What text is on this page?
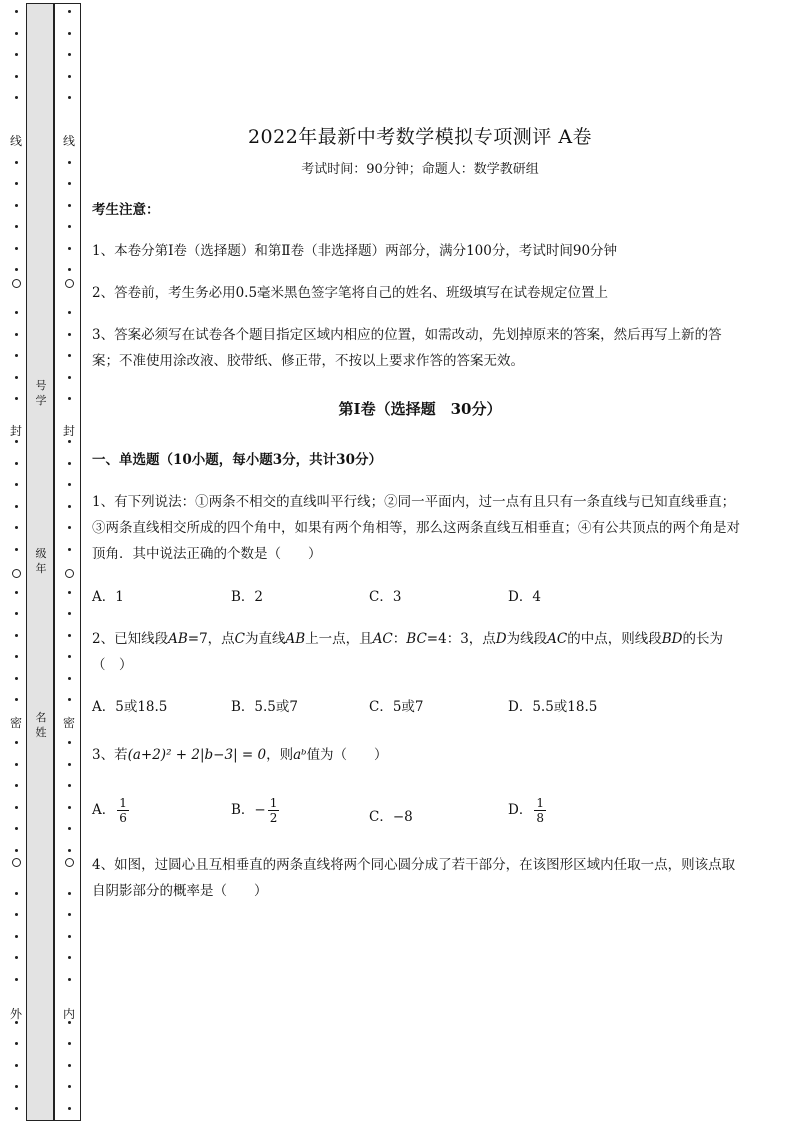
号学
级年
名姓
线
封
密
外
线
封
密
内
2022年最新中考数学模拟专项测评 A卷
考试时间：90分钟；命题人：数学教研组
考生注意：
1、本卷分第I卷（选择题）和第Ⅱ卷（非选择题）两部分，满分100分，考试时间90分钟
2、答卷前，考生务必用0.5毫米黑色签字笔将自己的姓名、班级填写在试卷规定位置上
3、答案必须写在试卷各个题目指定区域内相应的位置，如需改动，先划掉原来的答案，然后再写上新的答案；不准使用涂改液、胶带纸、修正带，不按以上要求作答的答案无效。
第I卷（选择题　30分）
一、单选题（10小题，每小题3分，共计30分）
1、有下列说法：①两条不相交的直线叫平行线；②同一平面内，过一点有且只有一条直线与已知直线垂直；③两条直线相交所成的四个角中，如果有两个角相等，那么这两条直线互相垂直；④有公共顶点的两个角是对顶角．其中说法正确的个数是（　　）
A．1	B．2	C．3	D．4
2、已知线段AB=7，点C为直线AB上一点，且AC：BC=4：3，点D为线段AC的中点，则线段BD的长为（　）
A．5或18.5	B．5.5或7	C．5或7	D．5.5或18.5
3、若(a+2)² + 2|b−3| = 0，则aᵇ值为（　　）
A． $\frac{1}{6}$	B．− $\frac{1}{2}$	C．−8	D． $\frac{1}{8}$
4、如图，过圆心且互相垂直的两条直线将两个同心圆分成了若干部分，在该图形区域内任取一点，则该点取自阴影部分的概率是（　　）
